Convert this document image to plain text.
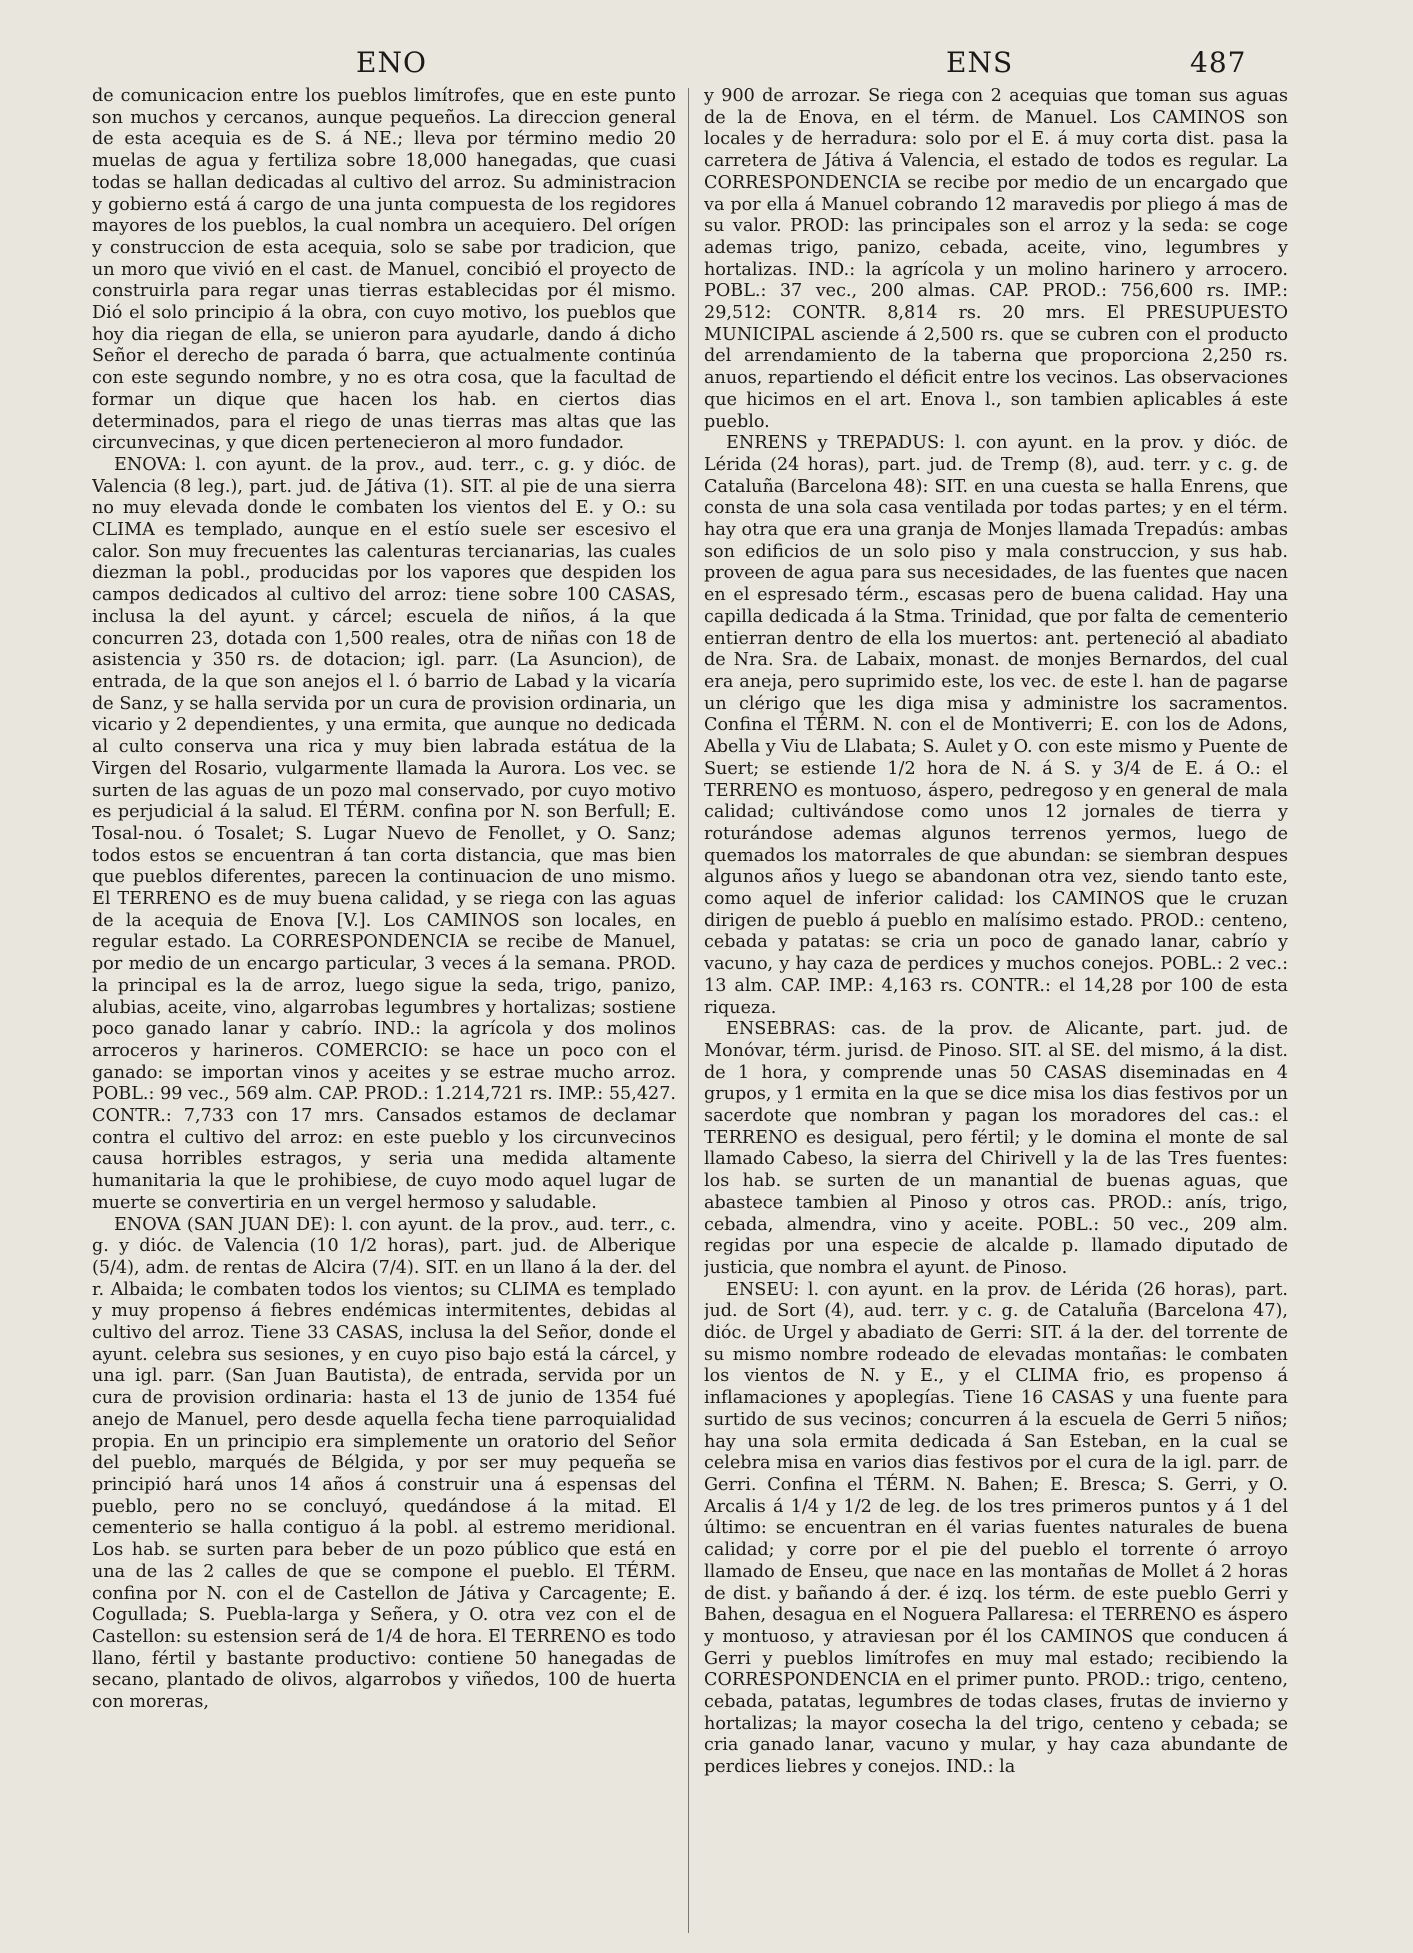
ENO	ENS	487

de comunicacion entre los pueblos limítrofes, que en este punto son muchos y cercanos, aunque pequeños. La direccion general de esta acequia es de S. á NE.; lleva por término medio 20 muelas de agua y fertiliza sobre 18,000 hanegadas, que cuasi todas se hallan dedicadas al cultivo del arroz. Su administracion y gobierno está á cargo de una junta compuesta de los regidores mayores de los pueblos, la cual nombra un acequiero. Del orígen y construccion de esta acequia, solo se sabe por tradicion, que un moro que vivió en el cast. de Manuel, concibió el proyecto de construirla para regar unas tierras establecidas por él mismo. Dió el solo principio á la obra, con cuyo motivo, los pueblos que hoy dia riegan de ella, se unieron para ayudarle, dando á dicho Señor el derecho de parada ó barra, que actualmente continúa con este segundo nombre, y no es otra cosa, que la facultad de formar un dique que hacen los hab. en ciertos dias determinados, para el riego de unas tierras mas altas que las circunvecinas, y que dicen pertenecieron al moro fundador.

ENOVA: l. con ayunt. de la prov., aud. terr., c. g. y dióc. de Valencia (8 leg.), part. jud. de Játiva (1). SIT. al pie de una sierra no muy elevada donde le combaten los vientos del E. y O.: su CLIMA es templado, aunque en el estío suele ser escesivo el calor. Son muy frecuentes las calenturas tercianarias, las cuales diezman la pobl., producidas por los vapores que despiden los campos dedicados al cultivo del arroz: tiene sobre 100 CASAS, inclusa la del ayunt. y cárcel; escuela de niños, á la que concurren 23, dotada con 1,500 reales, otra de niñas con 18 de asistencia y 350 rs. de dotacion; igl. parr. (La Asuncion), de entrada, de la que son anejos el l. ó barrio de Labad y la vicaría de Sanz, y se halla servida por un cura de provision ordinaria, un vicario y 2 dependientes, y una ermita, que aunque no dedicada al culto conserva una rica y muy bien labrada estátua de la Virgen del Rosario, vulgarmente llamada la Aurora. Los vec. se surten de las aguas de un pozo mal conservado, por cuyo motivo es perjudicial á la salud. El TÉRM. confina por N. son Berfull; E. Tosal-nou. ó Tosalet; S. Lugar Nuevo de Fenollet, y O. Sanz; todos estos se encuentran á tan corta distancia, que mas bien que pueblos diferentes, parecen la continuacion de uno mismo. El TERRENO es de muy buena calidad, y se riega con las aguas de la acequia de Enova [V.]. Los CAMINOS son locales, en regular estado. La CORRESPONDENCIA se recibe de Manuel, por medio de un encargo particular, 3 veces á la semana. PROD. la principal es la de arroz, luego sigue la seda, trigo, panizo, alubias, aceite, vino, algarrobas legumbres y hortalizas; sostiene poco ganado lanar y cabrío. IND.: la agrícola y dos molinos arroceros y harineros. COMERCIO: se hace un poco con el ganado: se importan vinos y aceites y se estrae mucho arroz. POBL.: 99 vec., 569 alm. CAP. PROD.: 1.214,721 rs. IMP.: 55,427. CONTR.: 7,733 con 17 mrs. Cansados estamos de declamar contra el cultivo del arroz: en este pueblo y los circunvecinos causa horribles estragos, y seria una medida altamente humanitaria la que le prohibiese, de cuyo modo aquel lugar de muerte se convertiria en un vergel hermoso y saludable.

ENOVA (SAN JUAN DE): l. con ayunt. de la prov., aud. terr., c. g. y dióc. de Valencia (10 1/2 horas), part. jud. de Alberique (5/4), adm. de rentas de Alcira (7/4). SIT. en un llano á la der. del r. Albaida; le combaten todos los vientos; su CLIMA es templado y muy propenso á fiebres endémicas intermitentes, debidas al cultivo del arroz. Tiene 33 CASAS, inclusa la del Señor, donde el ayunt. celebra sus sesiones, y en cuyo piso bajo está la cárcel, y una igl. parr. (San Juan Bautista), de entrada, servida por un cura de provision ordinaria: hasta el 13 de junio de 1354 fué anejo de Manuel, pero desde aquella fecha tiene parroquialidad propia. En un principio era simplemente un oratorio del Señor del pueblo, marqués de Bélgida, y por ser muy pequeña se principió hará unos 14 años á construir una á espensas del pueblo, pero no se concluyó, quedándose á la mitad. El cementerio se halla contiguo á la pobl. al estremo meridional. Los hab. se surten para beber de un pozo público que está en una de las 2 calles de que se compone el pueblo. El TÉRM. confina por N. con el de Castellon de Játiva y Carcagente; E. Cogullada; S. Puebla-larga y Señera, y O. otra vez con el de Castellon: su estension será de 1/4 de hora. El TERRENO es todo llano, fértil y bastante productivo: contiene 50 hanegadas de secano, plantado de olivos, algarrobos y viñedos, 100 de huerta con moreras,

y 900 de arrozar. Se riega con 2 acequias que toman sus aguas de la de Enova, en el térm. de Manuel. Los CAMINOS son locales y de herradura: solo por el E. á muy corta dist. pasa la carretera de Játiva á Valencia, el estado de todos es regular. La CORRESPONDENCIA se recibe por medio de un encargado que va por ella á Manuel cobrando 12 maravedis por pliego á mas de su valor. PROD: las principales son el arroz y la seda: se coge ademas trigo, panizo, cebada, aceite, vino, legumbres y hortalizas. IND.: la agrícola y un molino harinero y arrocero. POBL.: 37 vec., 200 almas. CAP. PROD.: 756,600 rs. IMP.: 29,512: CONTR. 8,814 rs. 20 mrs. El PRESUPUESTO MUNICIPAL asciende á 2,500 rs. que se cubren con el producto del arrendamiento de la taberna que proporciona 2,250 rs. anuos, repartiendo el déficit entre los vecinos. Las observaciones que hicimos en el art. Enova l., son tambien aplicables á este pueblo.

ENRENS y TREPADUS: l. con ayunt. en la prov. y dióc. de Lérida (24 horas), part. jud. de Tremp (8), aud. terr. y c. g. de Cataluña (Barcelona 48): SIT. en una cuesta se halla Enrens, que consta de una sola casa ventilada por todas partes; y en el térm. hay otra que era una granja de Monjes llamada Trepadús: ambas son edificios de un solo piso y mala construccion, y sus hab. proveen de agua para sus necesidades, de las fuentes que nacen en el espresado térm., escasas pero de buena calidad. Hay una capilla dedicada á la Stma. Trinidad, que por falta de cementerio entierran dentro de ella los muertos: ant. perteneció al abadiato de Nra. Sra. de Labaix, monast. de monjes Bernardos, del cual era aneja, pero suprimido este, los vec. de este l. han de pagarse un clérigo que les diga misa y administre los sacramentos. Confina el TÉRM. N. con el de Montiverri; E. con los de Adons, Abella y Viu de Llabata; S. Aulet y O. con este mismo y Puente de Suert; se estiende 1/2 hora de N. á S. y 3/4 de E. á O.: el TERRENO es montuoso, áspero, pedregoso y en general de mala calidad; cultivándose como unos 12 jornales de tierra y roturándose ademas algunos terrenos yermos, luego de quemados los matorrales de que abundan: se siembran despues algunos años y luego se abandonan otra vez, siendo tanto este, como aquel de inferior calidad: los CAMINOS que le cruzan dirigen de pueblo á pueblo en malísimo estado. PROD.: centeno, cebada y patatas: se cria un poco de ganado lanar, cabrío y vacuno, y hay caza de perdices y muchos conejos. POBL.: 2 vec.: 13 alm. CAP. IMP.: 4,163 rs. CONTR.: el 14,28 por 100 de esta riqueza.

ENSEBRAS: cas. de la prov. de Alicante, part. jud. de Monóvar, térm. jurisd. de Pinoso. SIT. al SE. del mismo, á la dist. de 1 hora, y comprende unas 50 CASAS diseminadas en 4 grupos, y 1 ermita en la que se dice misa los dias festivos por un sacerdote que nombran y pagan los moradores del cas.: el TERRENO es desigual, pero fértil; y le domina el monte de sal llamado Cabeso, la sierra del Chirivell y la de las Tres fuentes: los hab. se surten de un manantial de buenas aguas, que abastece tambien al Pinoso y otros cas. PROD.: anís, trigo, cebada, almendra, vino y aceite. POBL.: 50 vec., 209 alm. regidas por una especie de alcalde p. llamado diputado de justicia, que nombra el ayunt. de Pinoso.

ENSEU: l. con ayunt. en la prov. de Lérida (26 horas), part. jud. de Sort (4), aud. terr. y c. g. de Cataluña (Barcelona 47), dióc. de Urgel y abadiato de Gerri: SIT. á la der. del torrente de su mismo nombre rodeado de elevadas montañas: le combaten los vientos de N. y E., y el CLIMA frio, es propenso á inflamaciones y apoplegías. Tiene 16 CASAS y una fuente para surtido de sus vecinos; concurren á la escuela de Gerri 5 niños; hay una sola ermita dedicada á San Esteban, en la cual se celebra misa en varios dias festivos por el cura de la igl. parr. de Gerri. Confina el TÉRM. N. Bahen; E. Bresca; S. Gerri, y O. Arcalis á 1/4 y 1/2 de leg. de los tres primeros puntos y á 1 del último: se encuentran en él varias fuentes naturales de buena calidad; y corre por el pie del pueblo el torrente ó arroyo llamado de Enseu, que nace en las montañas de Mollet á 2 horas de dist. y bañando á der. é izq. los térm. de este pueblo Gerri y Bahen, desagua en el Noguera Pallaresa: el TERRENO es áspero y montuoso, y atraviesan por él los CAMINOS que conducen á Gerri y pueblos limítrofes en muy mal estado; recibiendo la CORRESPONDENCIA en el primer punto. PROD.: trigo, centeno, cebada, patatas, legumbres de todas clases, frutas de invierno y hortalizas; la mayor cosecha la del trigo, centeno y cebada; se cria ganado lanar, vacuno y mular, y hay caza abundante de perdices liebres y conejos. IND.: la
